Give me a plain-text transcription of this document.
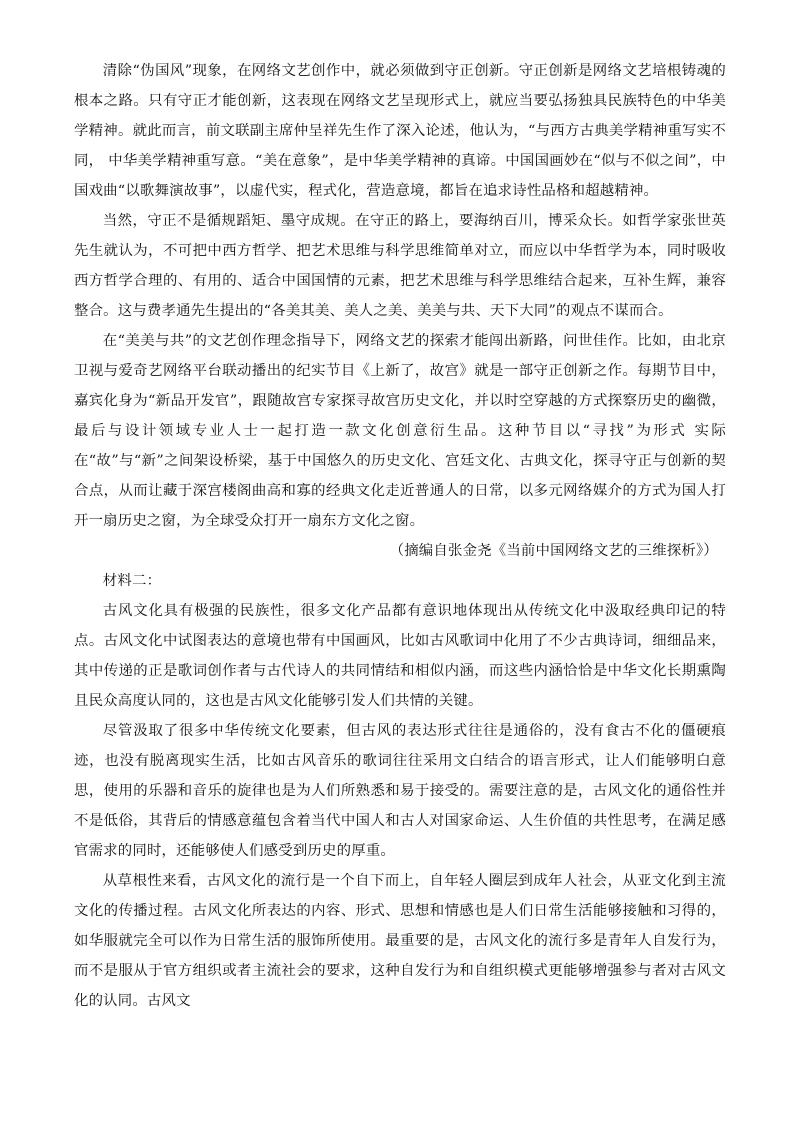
清除“伪国风”现象，在网络文艺创作中，就必须做到守正创新。守正创新是网络文艺培根铸魂的根本之路。只有守正才能创新，这表现在网络文艺呈现形式上，就应当要弘扬独具民族特色的中华美学精神。就此而言，前文联副主席仲呈祥先生作了深入论述，他认为，“与西方古典美学精神重写实不同， 中华美学精神重写意。“美在意象”，是中华美学精神的真谛。中国国画妙在“似与不似之间”，中国戏曲“以歌舞演故事”，以虚代实，程式化，营造意境，都旨在追求诗性品格和超越精神。

当然，守正不是循规蹈矩、墨守成规。在守正的路上，要海纳百川，博采众长。如哲学家张世英先生就认为，不可把中西方哲学、把艺术思维与科学思维简单对立，而应以中华哲学为本，同时吸收西方哲学合理的、有用的、适合中国国情的元素，把艺术思维与科学思维结合起来，互补生辉，兼容整合。这与费孝通先生提出的“各美其美、美人之美、美美与共、天下大同”的观点不谋而合。

在“美美与共”的文艺创作理念指导下，网络文艺的探索才能闯出新路，问世佳作。比如，由北京卫视与爱奇艺网络平台联动播出的纪实节目《上新了，故宫》就是一部守正创新之作。每期节目中，嘉宾化身为“新品开发官”，跟随故宫专家探寻故宫历史文化，并以时空穿越的方式探察历史的幽微，最后与设计领域专业人士一起打造一款文化创意衍生品。这种节目以“寻找”为形式 实际在“故”与“新”之间架设桥梁，基于中国悠久的历史文化、宫廷文化、古典文化，探寻守正与创新的契合点，从而让藏于深宫楼阁曲高和寡的经典文化走近普通人的日常，以多元网络媒介的方式为国人打开一扇历史之窗，为全球受众打开一扇东方文化之窗。

（摘编自张金尧《当前中国网络文艺的三维探析》）

材料二：

古风文化具有极强的民族性，很多文化产品都有意识地体现出从传统文化中汲取经典印记的特点。古风文化中试图表达的意境也带有中国画风，比如古风歌词中化用了不少古典诗词，细细品来，其中传递的正是歌词创作者与古代诗人的共同情结和相似内涵，而这些内涵恰恰是中华文化长期熏陶且民众高度认同的，这也是古风文化能够引发人们共情的关键。

尽管汲取了很多中华传统文化要素，但古风的表达形式往往是通俗的，没有食古不化的僵硬痕迹，也没有脱离现实生活，比如古风音乐的歌词往往采用文白结合的语言形式，让人们能够明白意思，使用的乐器和音乐的旋律也是为人们所熟悉和易于接受的。需要注意的是，古风文化的通俗性并不是低俗，其背后的情感意蕴包含着当代中国人和古人对国家命运、人生价值的共性思考，在满足感官需求的同时，还能够使人们感受到历史的厚重。

从草根性来看，古风文化的流行是一个自下而上，自年轻人圈层到成年人社会，从亚文化到主流文化的传播过程。古风文化所表达的内容、形式、思想和情感也是人们日常生活能够接触和习得的，如华服就完全可以作为日常生活的服饰所使用。最重要的是，古风文化的流行多是青年人自发行为，而不是服从于官方组织或者主流社会的要求，这种自发行为和自组织模式更能够增强参与者对古风文化的认同。古风文
